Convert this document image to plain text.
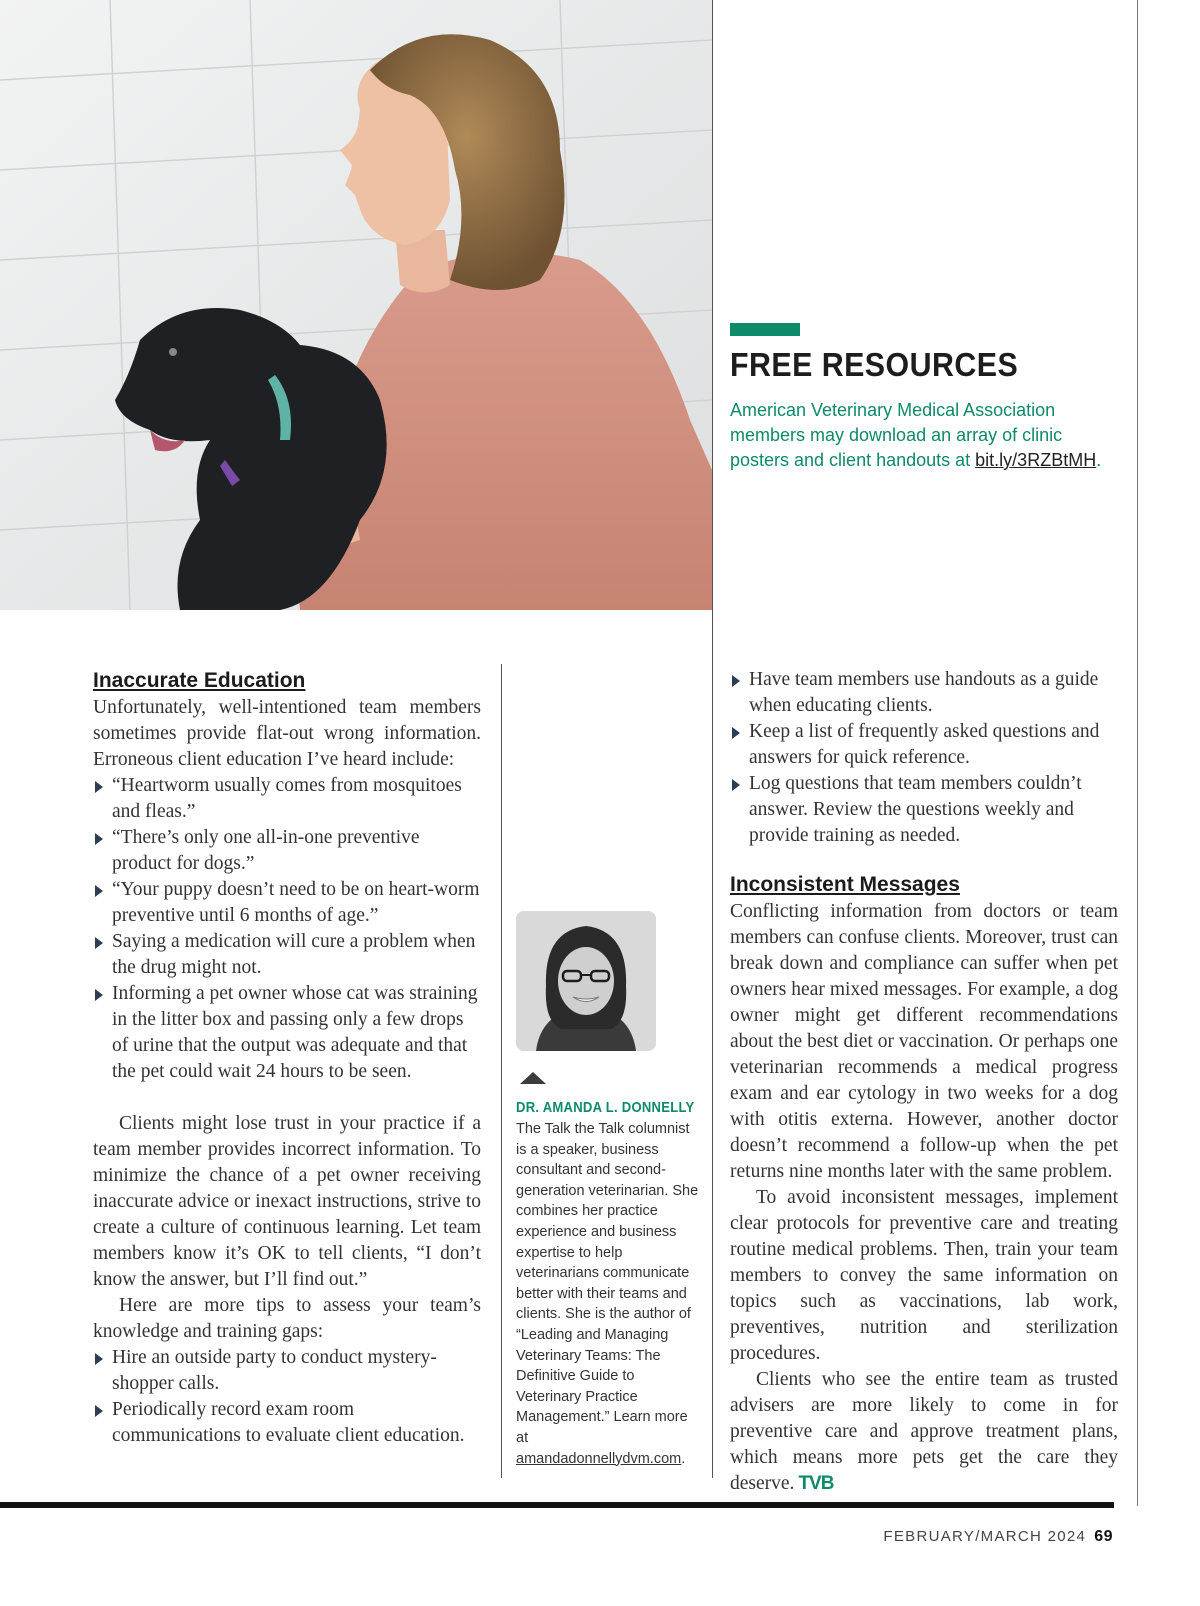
FREE RESOURCES
American Veterinary Medical Association members may download an array of clinic posters and client handouts at bit.ly/3RZBtMH.
Inaccurate Education

Unfortunately, well-intentioned team members sometimes provide flat-out wrong information. Erroneous client education I’ve heard include:

“Heartworm usually comes from mosquitoes and fleas.”
“There’s only one all-in-one preventive product for dogs.”
“Your puppy doesn’t need to be on heart-worm preventive until 6 months of age.”
Saying a medication will cure a problem when the drug might not.
Informing a pet owner whose cat was straining in the litter box and passing only a few drops of urine that the output was adequate and that the pet could wait 24 hours to be seen.

Clients might lose trust in your practice if a team member provides incorrect information. To minimize the chance of a pet owner receiving inaccurate advice or inexact instructions, strive to create a culture of continuous learning. Let team members know it’s OK to tell clients, “I don’t know the answer, but I’ll find out.”

Here are more tips to assess your team’s knowledge and training gaps:

Hire an outside party to conduct mystery-shopper calls.
Periodically record exam room communications to evaluate client education.
DR. AMANDA L. DONNELLY
The Talk the Talk columnist is a speaker, business consultant and second-generation veterinarian. She combines her practice experience and business expertise to help veterinarians communicate better with their teams and clients. She is the author of “Leading and Managing Veterinary Teams: The Definitive Guide to Veterinary Practice Management.” Learn more at amandadonnellydvm.com.
Have team members use handouts as a guide when educating clients.
Keep a list of frequently asked questions and answers for quick reference.
Log questions that team members couldn’t answer. Review the questions weekly and provide training as needed.
Inconsistent Messages

Conflicting information from doctors or team members can confuse clients. Moreover, trust can break down and compliance can suffer when pet owners hear mixed messages. For example, a dog owner might get different recommendations about the best diet or vaccination. Or perhaps one veterinarian recommends a medical progress exam and ear cytology in two weeks for a dog with otitis externa. However, another doctor doesn’t recommend a follow-up when the pet returns nine months later with the same problem.

To avoid inconsistent messages, implement clear protocols for preventive care and treating routine medical problems. Then, train your team members to convey the same information on topics such as vaccinations, lab work, preventives, nutrition and sterilization procedures.

Clients who see the entire team as trusted advisers are more likely to come in for preventive care and approve treatment plans, which means more pets get the care they deserve. TVB

FEBRUARY/MARCH 2024 69
